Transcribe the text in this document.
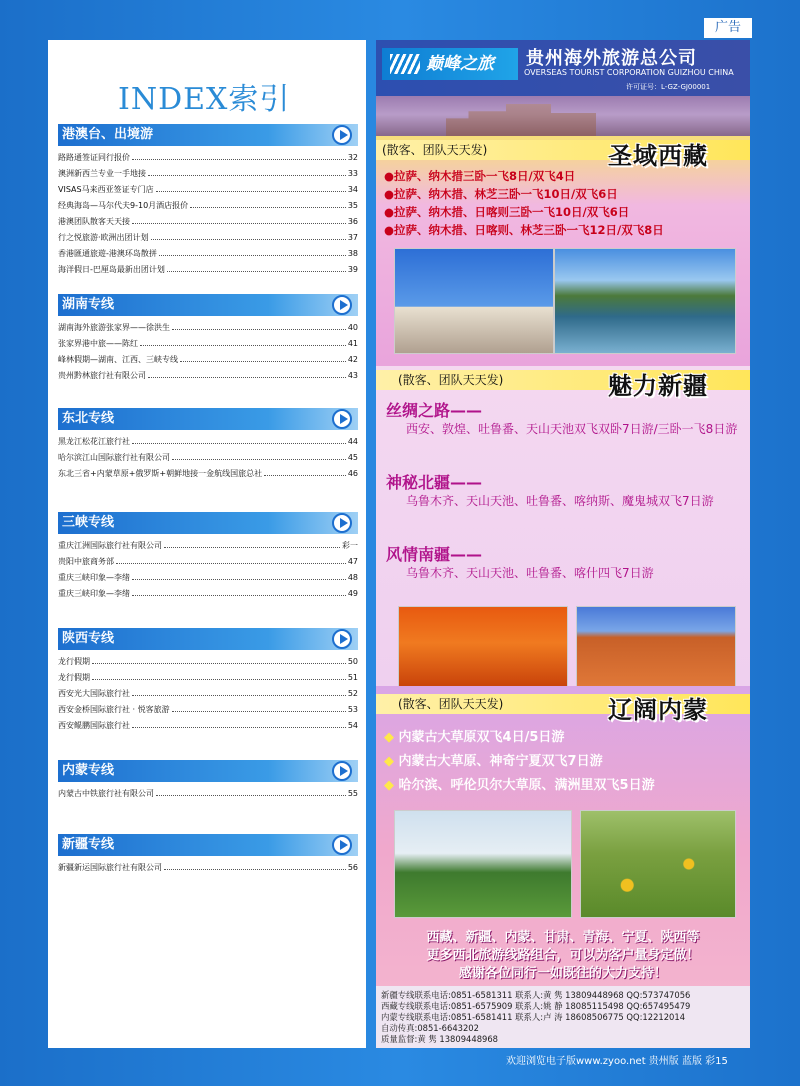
广告
INDEX索引
港澳台、出境游
路路通签证同行报价	32
澳洲新西兰专业一手地接	33
VISAS马来西亚签证专门店	34
经典海岛—马尔代夫9-10月酒店报价	35
港澳团队散客天天接	36
行之悦旅游·欧洲出团计划	37
香港匯通旅遊-港澳环岛散拼	38
海洋假日-巴厘岛最新出团计划	39
湖南专线
湖南海外旅游张家界——徐洪生	40
张家界港中旅——陈红	41
峰林假期—湖南、江西、三峡专线	42
贵州黔林旅行社有限公司	43
东北专线
黑龙江松花江旅行社	44
哈尔滨江山国际旅行社有限公司	45
东北三省+内蒙草原+俄罗斯+朝鲜地接一金航线国旅总社	46
三峡专线
重庆江洲国际旅行社有限公司	彩一
贵阳中旅商务部	47
重庆三峡印象—李绪	48
重庆三峡印象—李绪	49
陕西专线
龙行假期	50
龙行假期	51
西安光大国际旅行社	52
西安金桥国际旅行社 · 悦客旅游	53
西安鲲鹏国际旅行社	54
内蒙专线
内蒙古中铁旅行社有限公司	55
新疆专线
新疆新运国际旅行社有限公司	56
巅峰之旅	贵州海外旅游总公司
OVERSEAS TOURIST CORPORATION GUIZHOU CHINA
许可证号：L-GZ-GJ00001
(散客、团队天天发)	圣域西藏
●拉萨、纳木措三卧一飞8日/双飞4日
●拉萨、纳木措、林芝三卧一飞10日/双飞6日
●拉萨、纳木措、日喀则三卧一飞10日/双飞6日
●拉萨、纳木措、日喀则、林芝三卧一飞12日/双飞8日
(散客、团队天天发)	魅力新疆
丝绸之路——
西安、敦煌、吐鲁番、天山天池双飞双卧7日游/三卧一飞8日游
神秘北疆——
乌鲁木齐、天山天池、吐鲁番、喀纳斯、魔鬼城双飞7日游
风情南疆——
乌鲁木齐、天山天池、吐鲁番、喀什四飞7日游
(散客、团队天天发)	辽阔内蒙
◆ 内蒙古大草原双飞4日/5日游
◆ 内蒙古大草原、神奇宁夏双飞7日游
◆ 哈尔滨、呼伦贝尔大草原、满洲里双飞5日游
西藏、新疆、内蒙、甘肃、青海、宁夏、陕西等
更多西北旅游线路组合，可以为客户量身定做！
感谢各位同行一如既往的大力支持！
新疆专线联系电话:0851-6581311 联系人:黄 隽 13809448968 QQ:573747056
西藏专线联系电话:0851-6575909 联系人:姚 静 18085115498 QQ:657495479
内蒙专线联系电话:0851-6581411 联系人:卢 涛 18608506775 QQ:12212014
自动传真:0851-6643202
质量监督:黄 隽 13809448968
欢迎浏览电子版www.zyoo.net 贵州版 蓝版 彩15
